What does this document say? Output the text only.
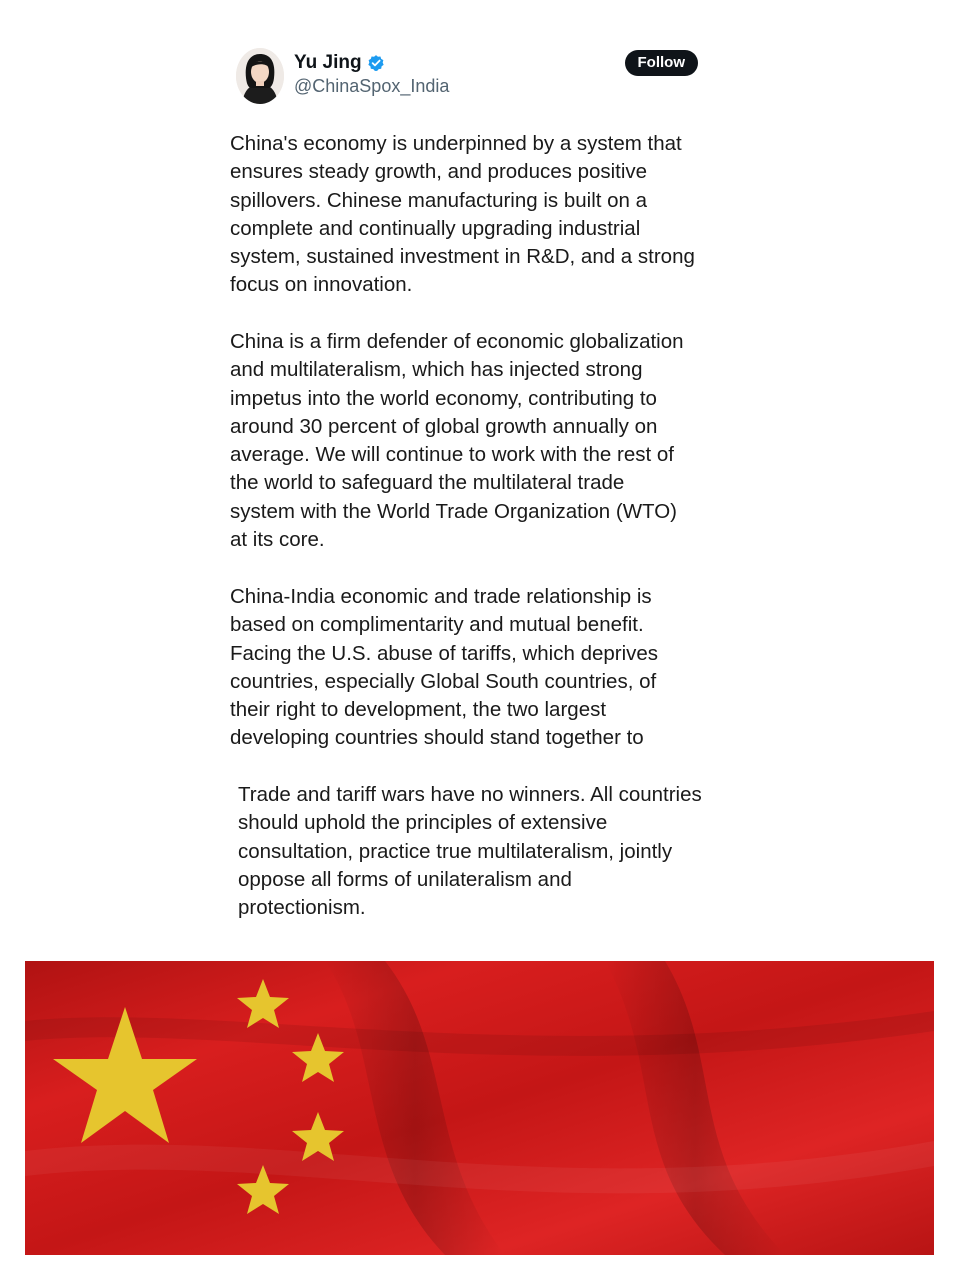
Yu Jing
@ChinaSpox_India
Follow

China's economy is underpinned by a system that
ensures steady growth, and produces positive
spillovers. Chinese manufacturing is built on a
complete and continually upgrading industrial
system, sustained investment in R&D, and a strong
focus on innovation.

China is a firm defender of economic globalization
and multilateralism, which has injected strong
impetus into the world economy, contributing to
around 30 percent of global growth annually on
average. We will continue to work with the rest of
the world to safeguard the multilateral trade
system with the World Trade Organization (WTO)
at its core.

China-India economic and trade relationship is
based on complimentarity and mutual benefit.
Facing the U.S. abuse of tariffs, which deprives
countries, especially Global South countries, of
their right to development, the two largest
developing countries should stand together to

Trade and tariff wars have no winners. All countries
should uphold the principles of extensive
consultation, practice true multilateralism, jointly
oppose all forms of unilateralism and
protectionism.
